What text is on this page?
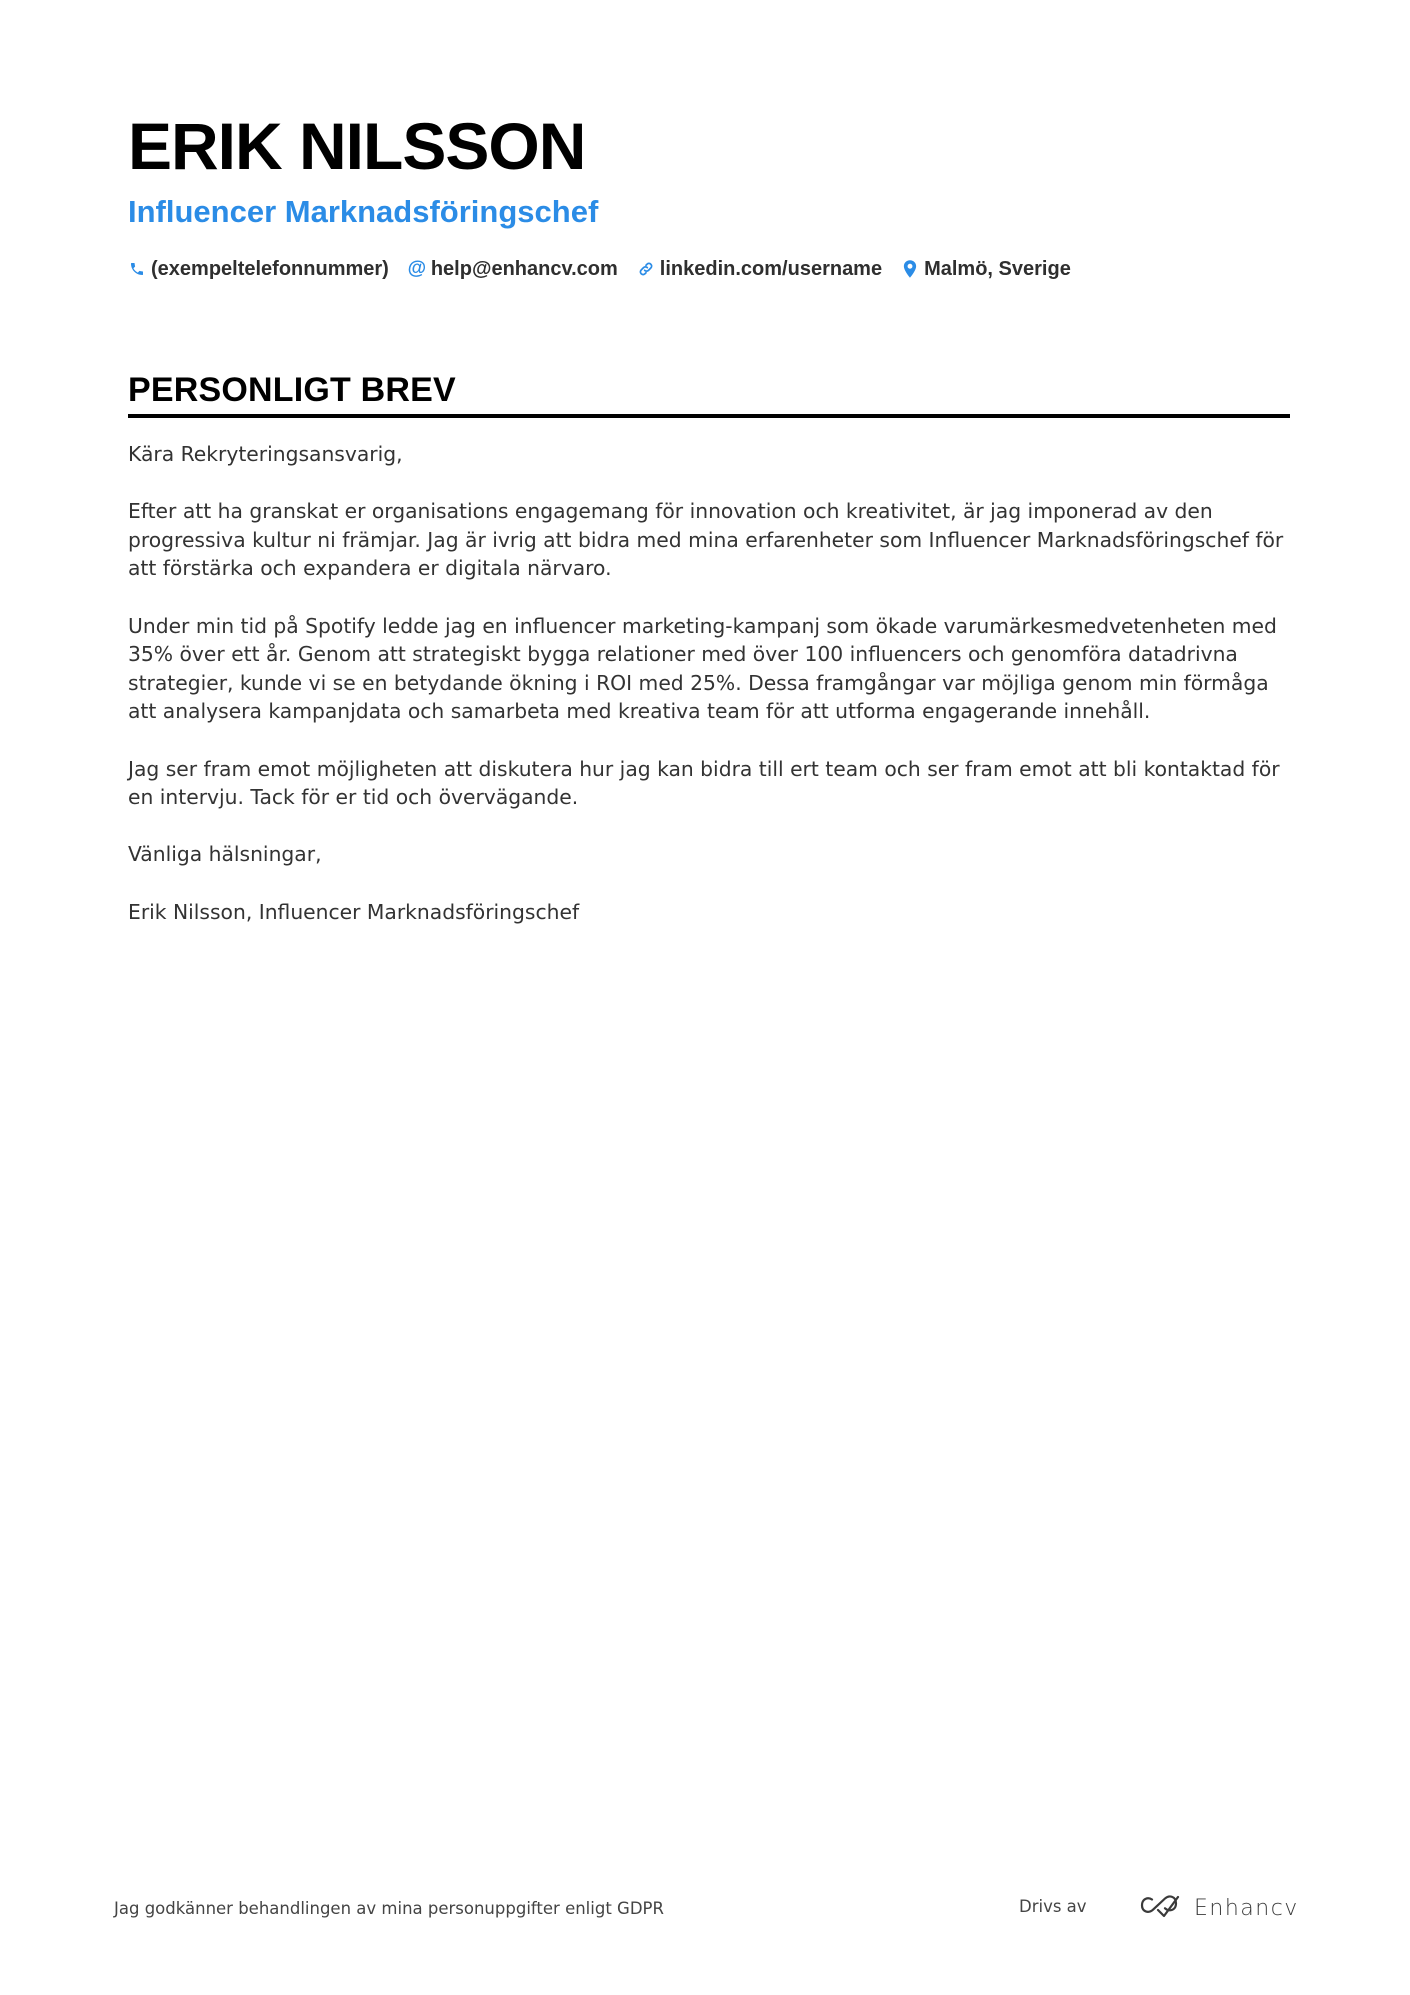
ERIK NILSSON
Influencer Marknadsföringschef
(exempeltelefonnummer) @ help@enhancv.com linkedin.com/username Malmö, Sverige
PERSONLIGT BREV

Kära Rekryteringsansvarig,

Efter att ha granskat er organisations engagemang för innovation och kreativitet, är jag imponerad av den progressiva kultur ni främjar. Jag är ivrig att bidra med mina erfarenheter som Influencer Marknadsföringschef för att förstärka och expandera er digitala närvaro.

Under min tid på Spotify ledde jag en influencer marketing-kampanj som ökade varumärkesmedvetenheten med 35% över ett år. Genom att strategiskt bygga relationer med över 100 influencers och genomföra datadrivna strategier, kunde vi se en betydande ökning i ROI med 25%. Dessa framgångar var möjliga genom min förmåga att analysera kampanjdata och samarbeta med kreativa team för att utforma engagerande innehåll.

Jag ser fram emot möjligheten att diskutera hur jag kan bidra till ert team och ser fram emot att bli kontaktad för en intervju. Tack för er tid och övervägande.

Vänliga hälsningar,

Erik Nilsson, Influencer Marknadsföringschef

Jag godkänner behandlingen av mina personuppgifter enligt GDPR	Drivs av	Enhancv
